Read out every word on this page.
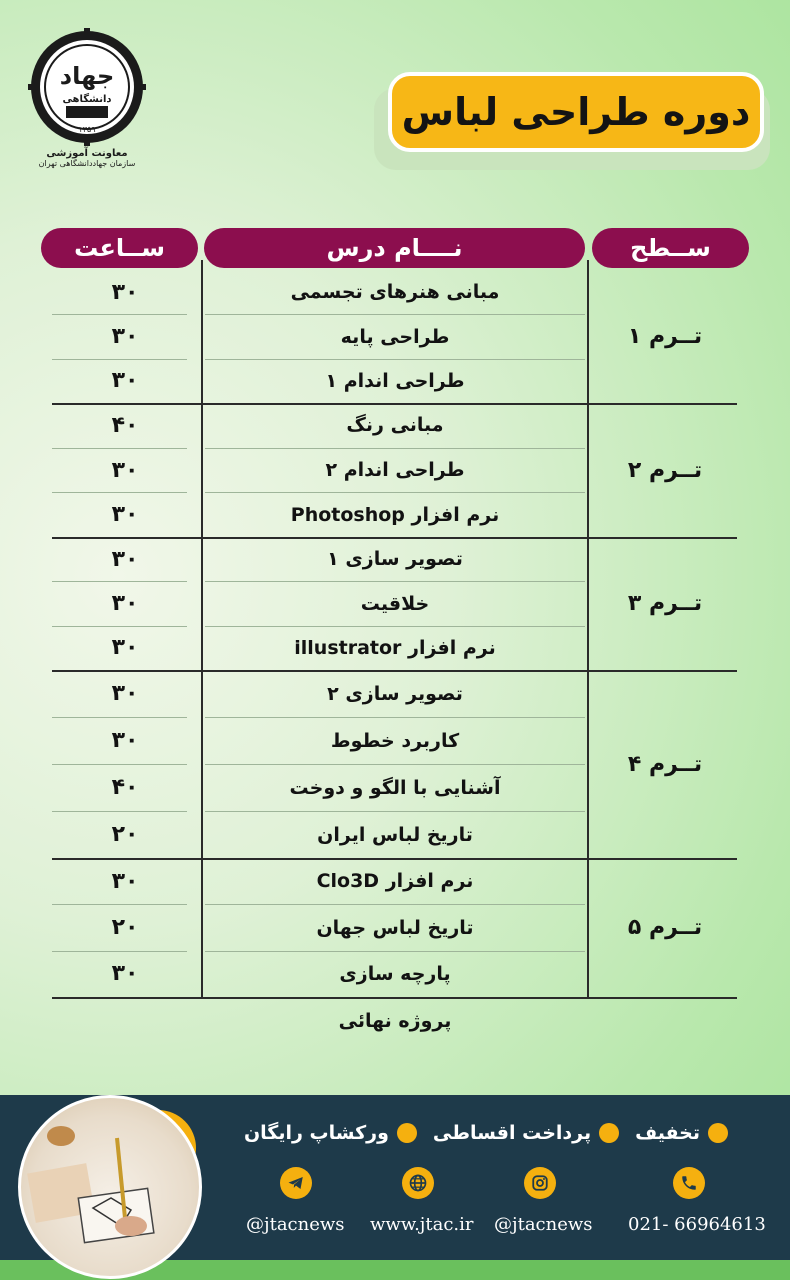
جهاد
دانشگاهی
۱۳۵۹
معاونت آموزشی
سازمان جهاددانشگاهی تهران
دوره طراحی لباس
ســاعت	نــــام درس	ســطح
مبانی هنرهای تجسمی
۳۰
طراحی پایه
۳۰
طراحی اندام ۱
۳۰
تــرم ۱
مبانی رنگ
۴۰
طراحی اندام ۲
۳۰
نرم افزار Photoshop
۳۰
تــرم ۲
تصویر سازی ۱
۳۰
خلاقیت
۳۰
نرم افزار illustrator
۳۰
تــرم ۳
تصویر سازی ۲
۳۰
کاربرد خطوط
۳۰
آشنایی با الگو و دوخت
۴۰
تاریخ لباس ایران
۲۰
تــرم ۴
نرم افزار Clo3D
۳۰
تاریخ لباس جهان
۲۰
پارچه سازی
۳۰
تــرم ۵
پروژه نهائی
تخفیف
پرداخت اقساطی
ورکشاپ رایگان
021- 66964613
@jtacnews
www.jtac.ir
@jtacnews
